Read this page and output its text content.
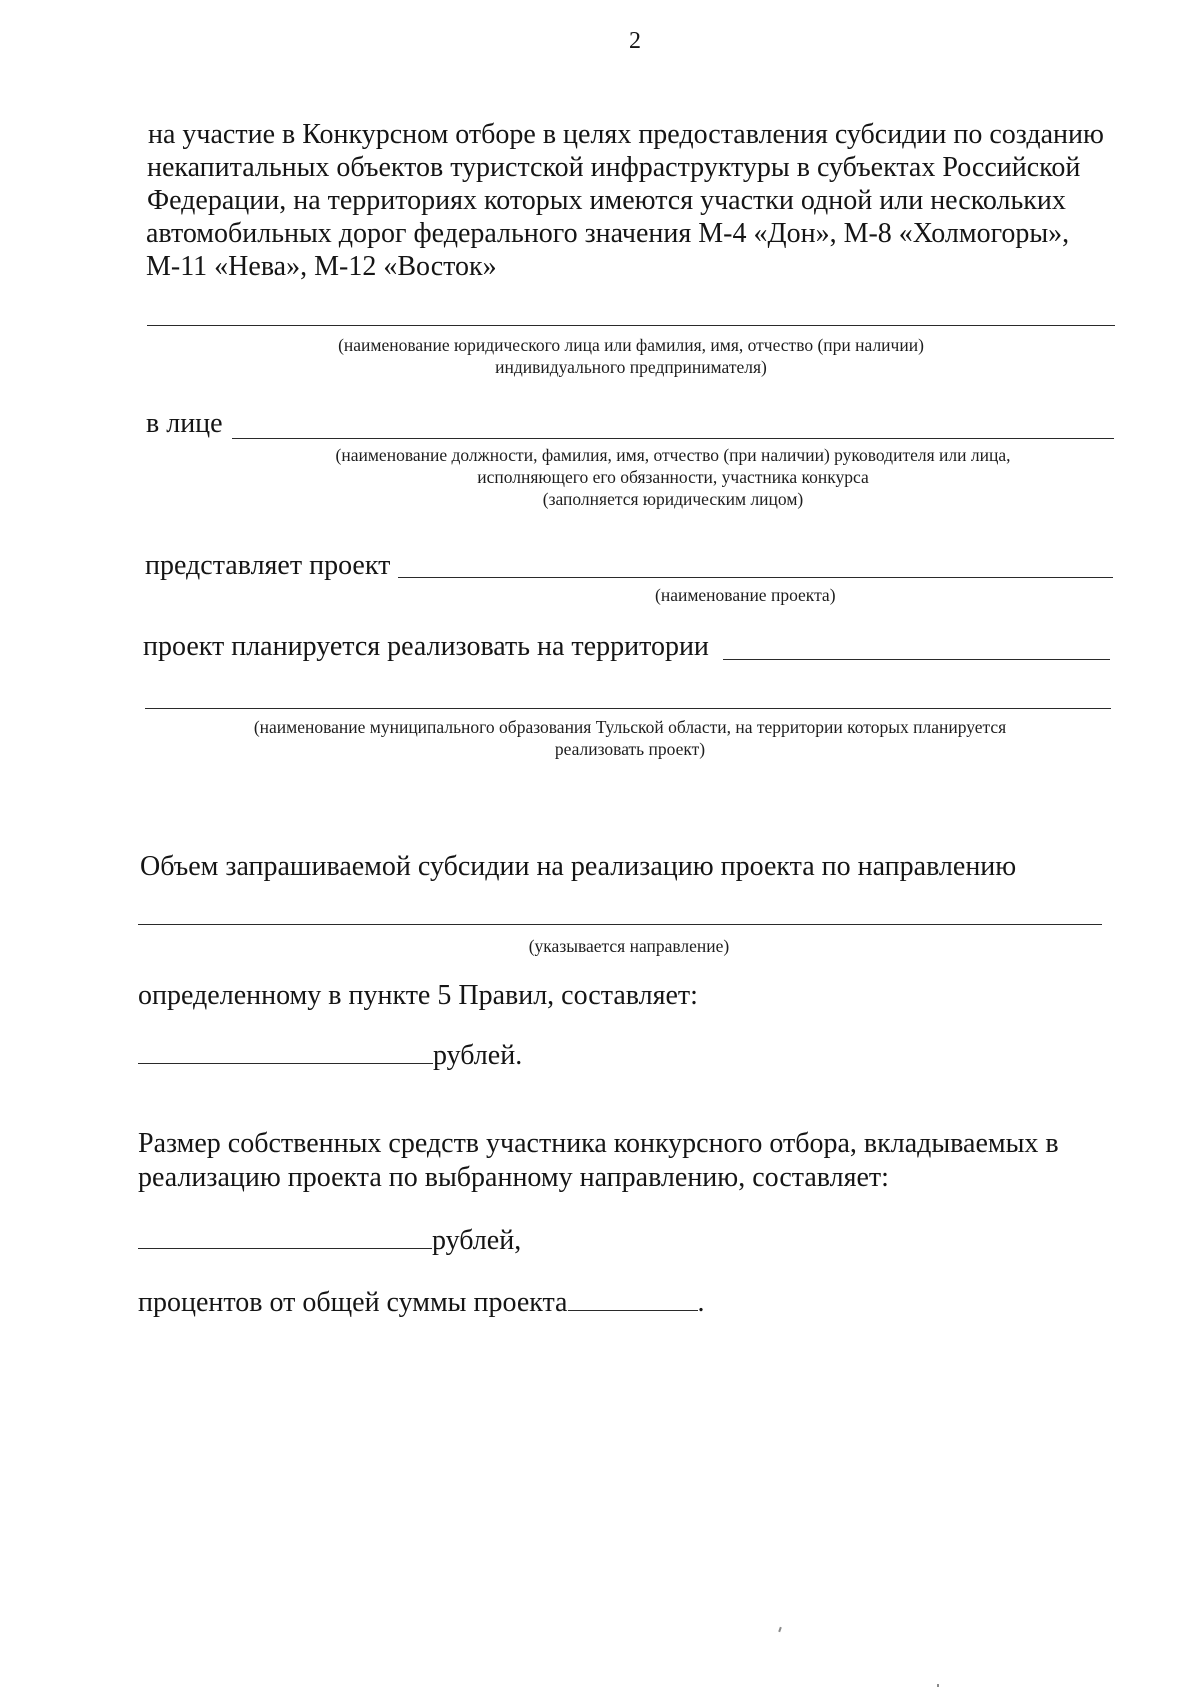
2
на участие в Конкурсном отборе в целях предоставления субсидии по созданию
некапитальных объектов туристской инфраструктуры в субъектах Российской
Федерации, на территориях которых имеются участки одной или нескольких
автомобильных дорог федерального значения М-4 «Дон», М-8 «Холмогоры»,
М-11 «Нева», М-12 «Восток»
(наименование юридического лица или фамилия, имя, отчество (при наличии)
индивидуального предпринимателя)
в лице
(наименование должности, фамилия, имя, отчество (при наличии) руководителя или лица,
исполняющего его обязанности, участника конкурса
(заполняется юридическим лицом)
представляет проект
(наименование проекта)
проект планируется реализовать на территории
(наименование муниципального образования Тульской области, на территории которых планируется
реализовать проект)
Объем запрашиваемой субсидии на реализацию проекта по направлению
(указывается направление)
определенному в пункте 5 Правил, составляет:
рублей.
Размер собственных средств участника конкурсного отбора, вкладываемых в
реализацию проекта по выбранному направлению, составляет:
рублей,
процентов от общей суммы проекта	.
